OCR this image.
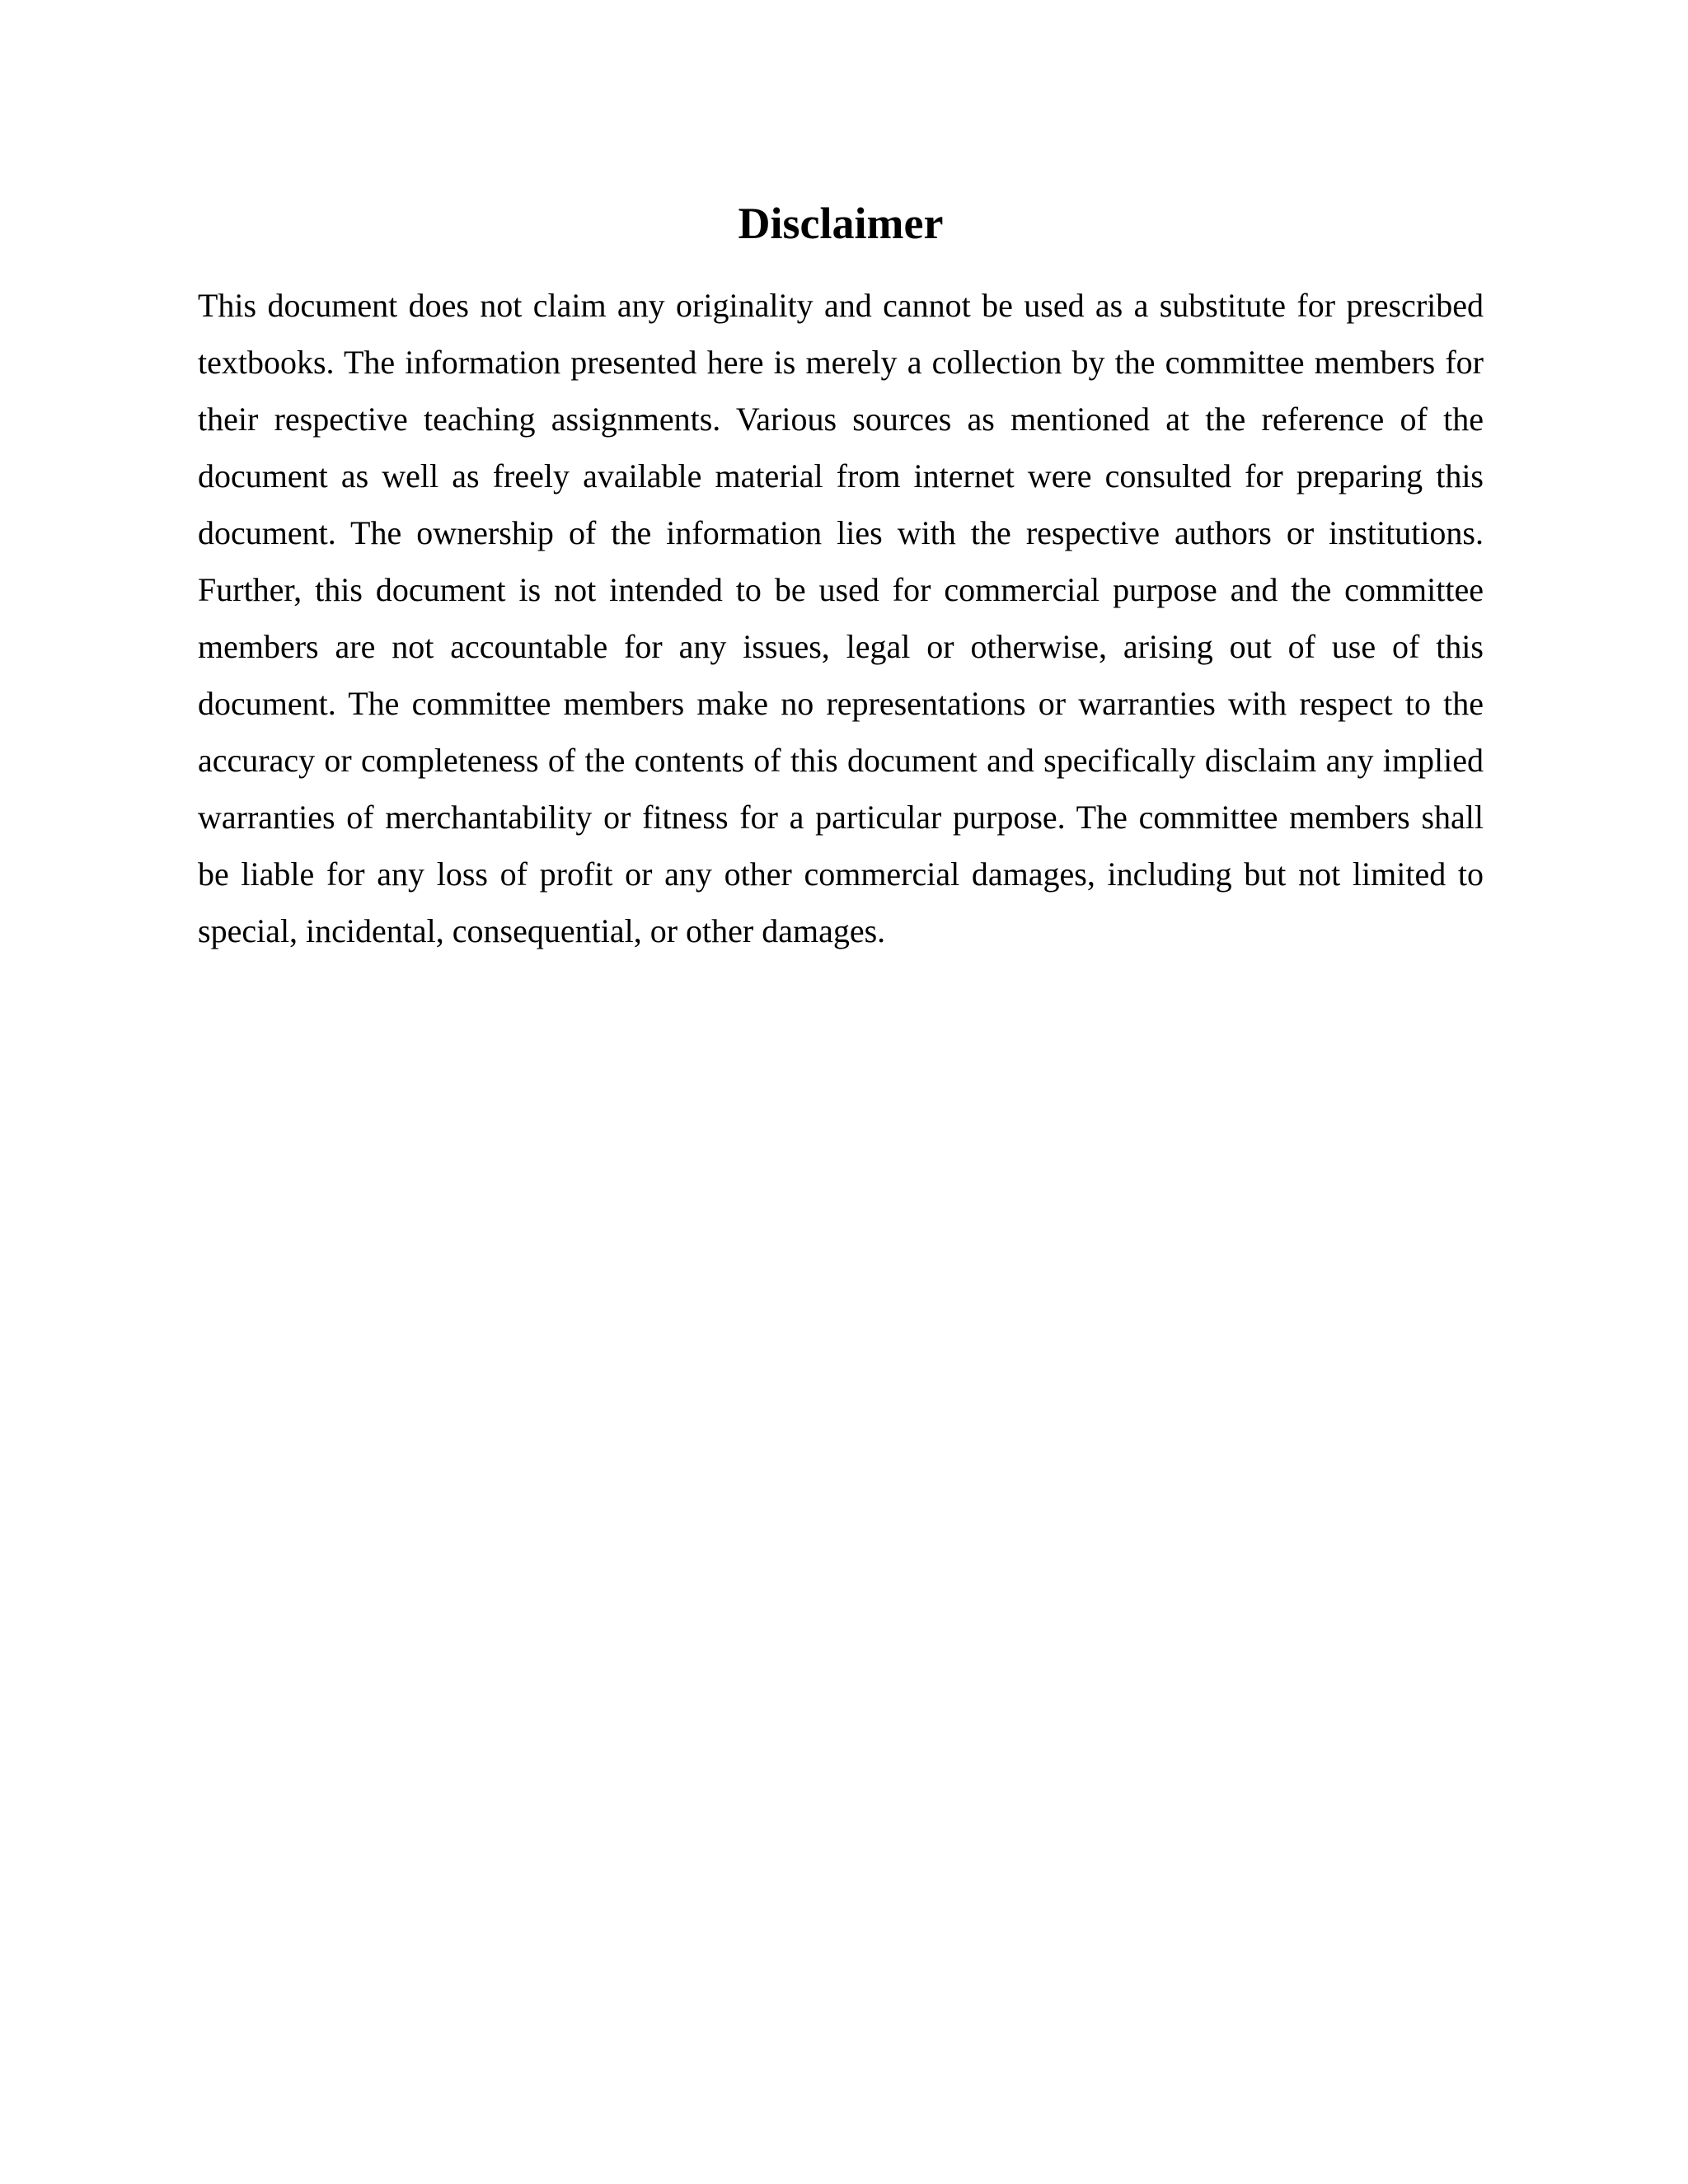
Disclaimer

This document does not claim any originality and cannot be used as a substitute for prescribed textbooks. The information presented here is merely a collection by the committee members for their respective teaching assignments. Various sources as mentioned at the reference of the document as well as freely available material from internet were consulted for preparing this document. The ownership of the information lies with the respective authors or institutions. Further, this document is not intended to be used for commercial purpose and the committee members are not accountable for any issues, legal or otherwise, arising out of use of this document. The committee members make no representations or warranties with respect to the accuracy or completeness of the contents of this document and specifically disclaim any implied warranties of merchantability or fitness for a particular purpose. The committee members shall be liable for any loss of profit or any other commercial damages, including but not limited to special, incidental, consequential, or other damages.
